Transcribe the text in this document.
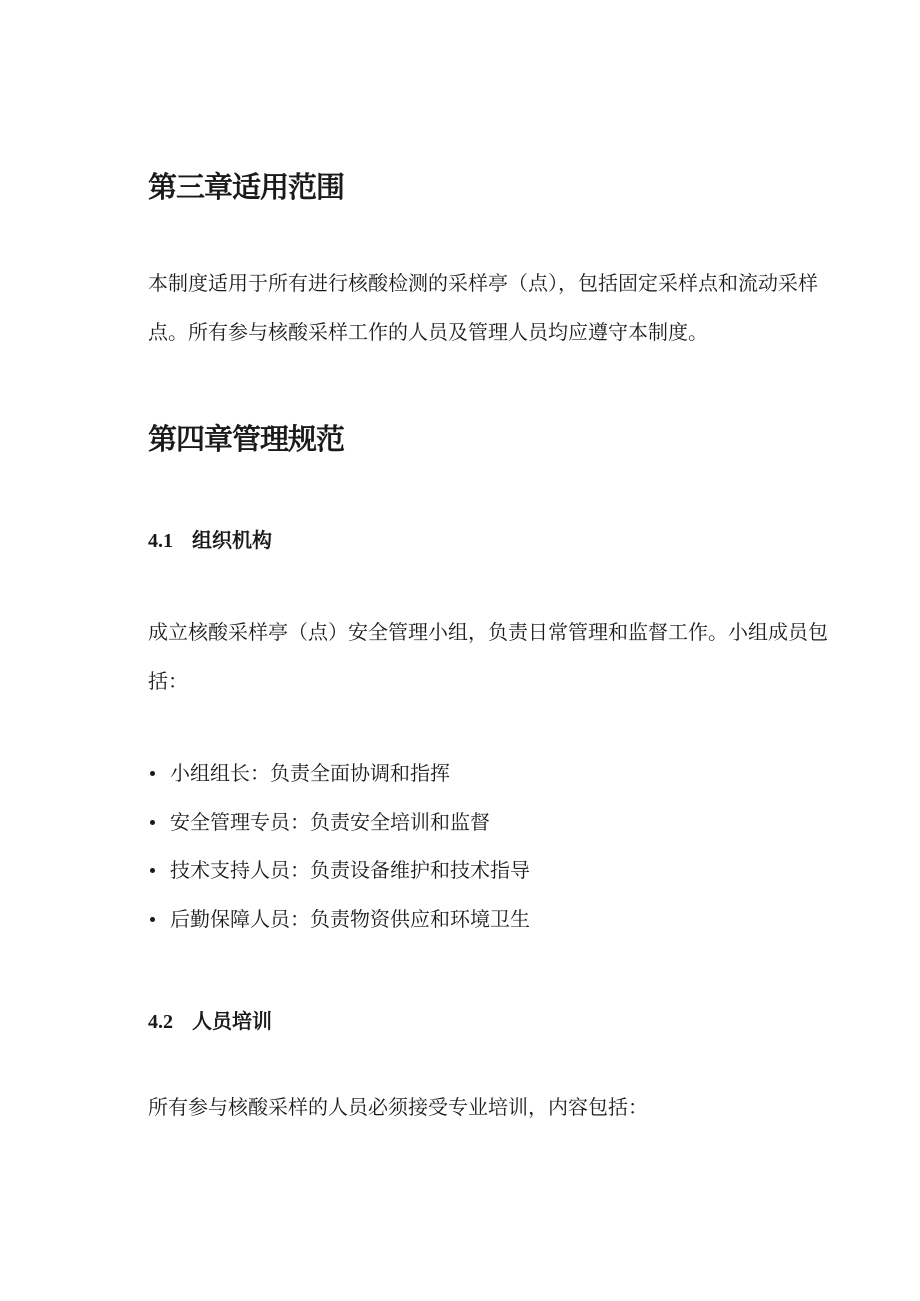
第三章适用范围

本制度适用于所有进行核酸检测的采样亭（点），包括固定采样点和流动采样点。所有参与核酸采样工作的人员及管理人员均应遵守本制度。

第四章管理规范
4.1 组织机构

成立核酸采样亭（点）安全管理小组，负责日常管理和监督工作。小组成员包括：

小组组长：负责全面协调和指挥
安全管理专员：负责安全培训和监督
技术支持人员：负责设备维护和技术指导
后勤保障人员：负责物资供应和环境卫生
4.2 人员培训

所有参与核酸采样的人员必须接受专业培训，内容包括：
